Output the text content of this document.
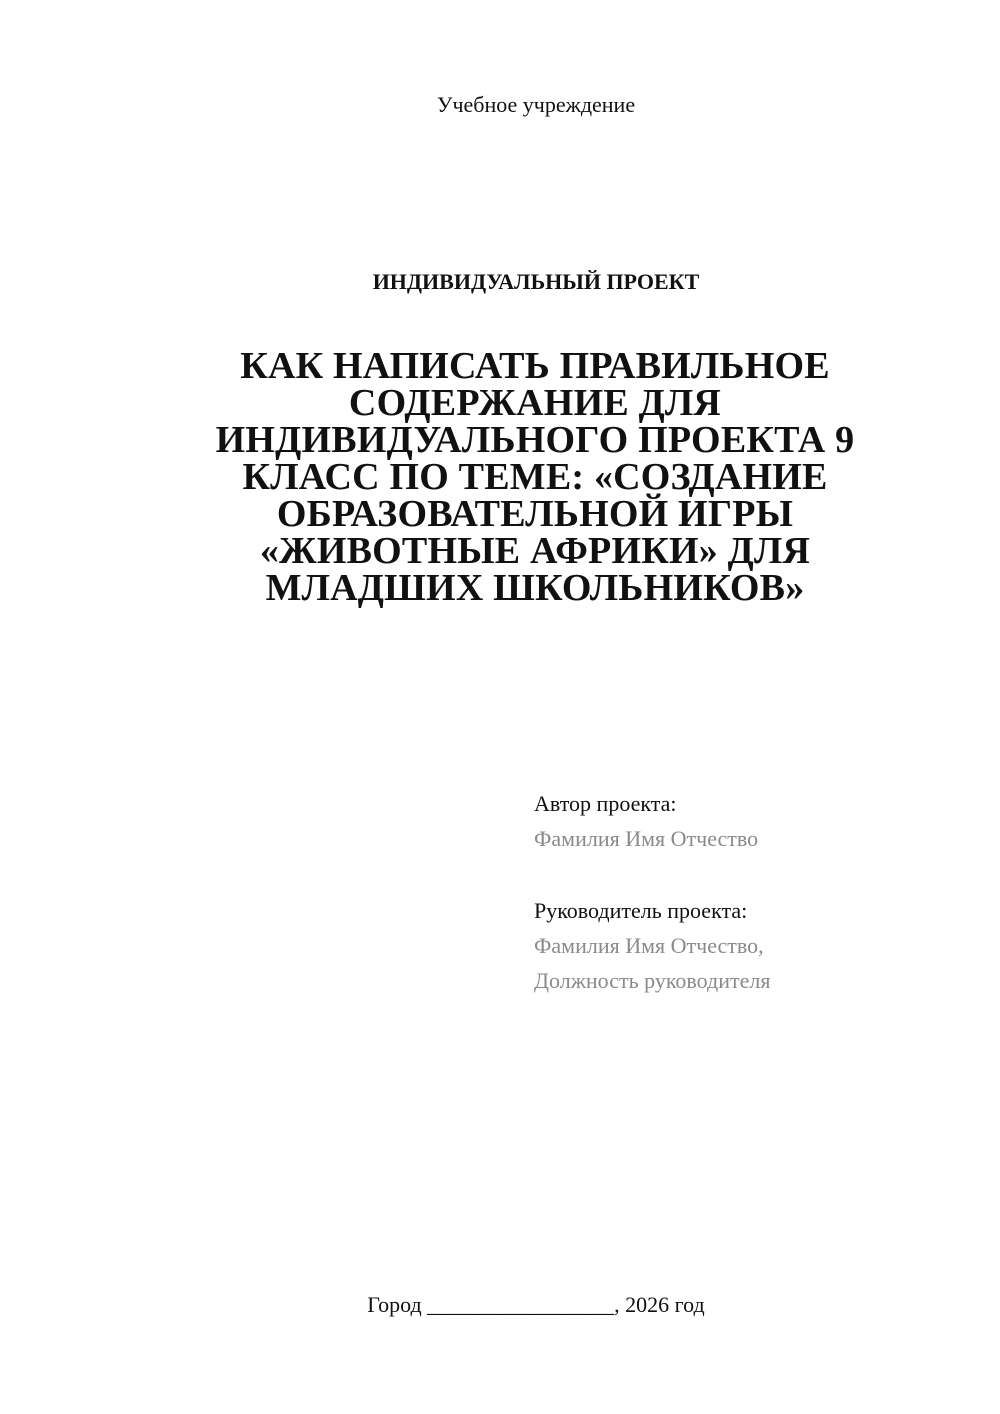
Учебное учреждение
ИНДИВИДУАЛЬНЫЙ ПРОЕКТ
КАК НАПИСАТЬ ПРАВИЛЬНОЕ
СОДЕРЖАНИЕ ДЛЯ
ИНДИВИДУАЛЬНОГО ПРОЕКТА 9
КЛАСС ПО ТЕМЕ: «СОЗДАНИЕ
ОБРАЗОВАТЕЛЬНОЙ ИГРЫ
«ЖИВОТНЫЕ АФРИКИ» ДЛЯ
МЛАДШИХ ШКОЛЬНИКОВ»
Автор проекта:
Фамилия Имя Отчество
Руководитель проекта:
Фамилия Имя Отчество,
Должность руководителя
Город _________________, 2026 год
